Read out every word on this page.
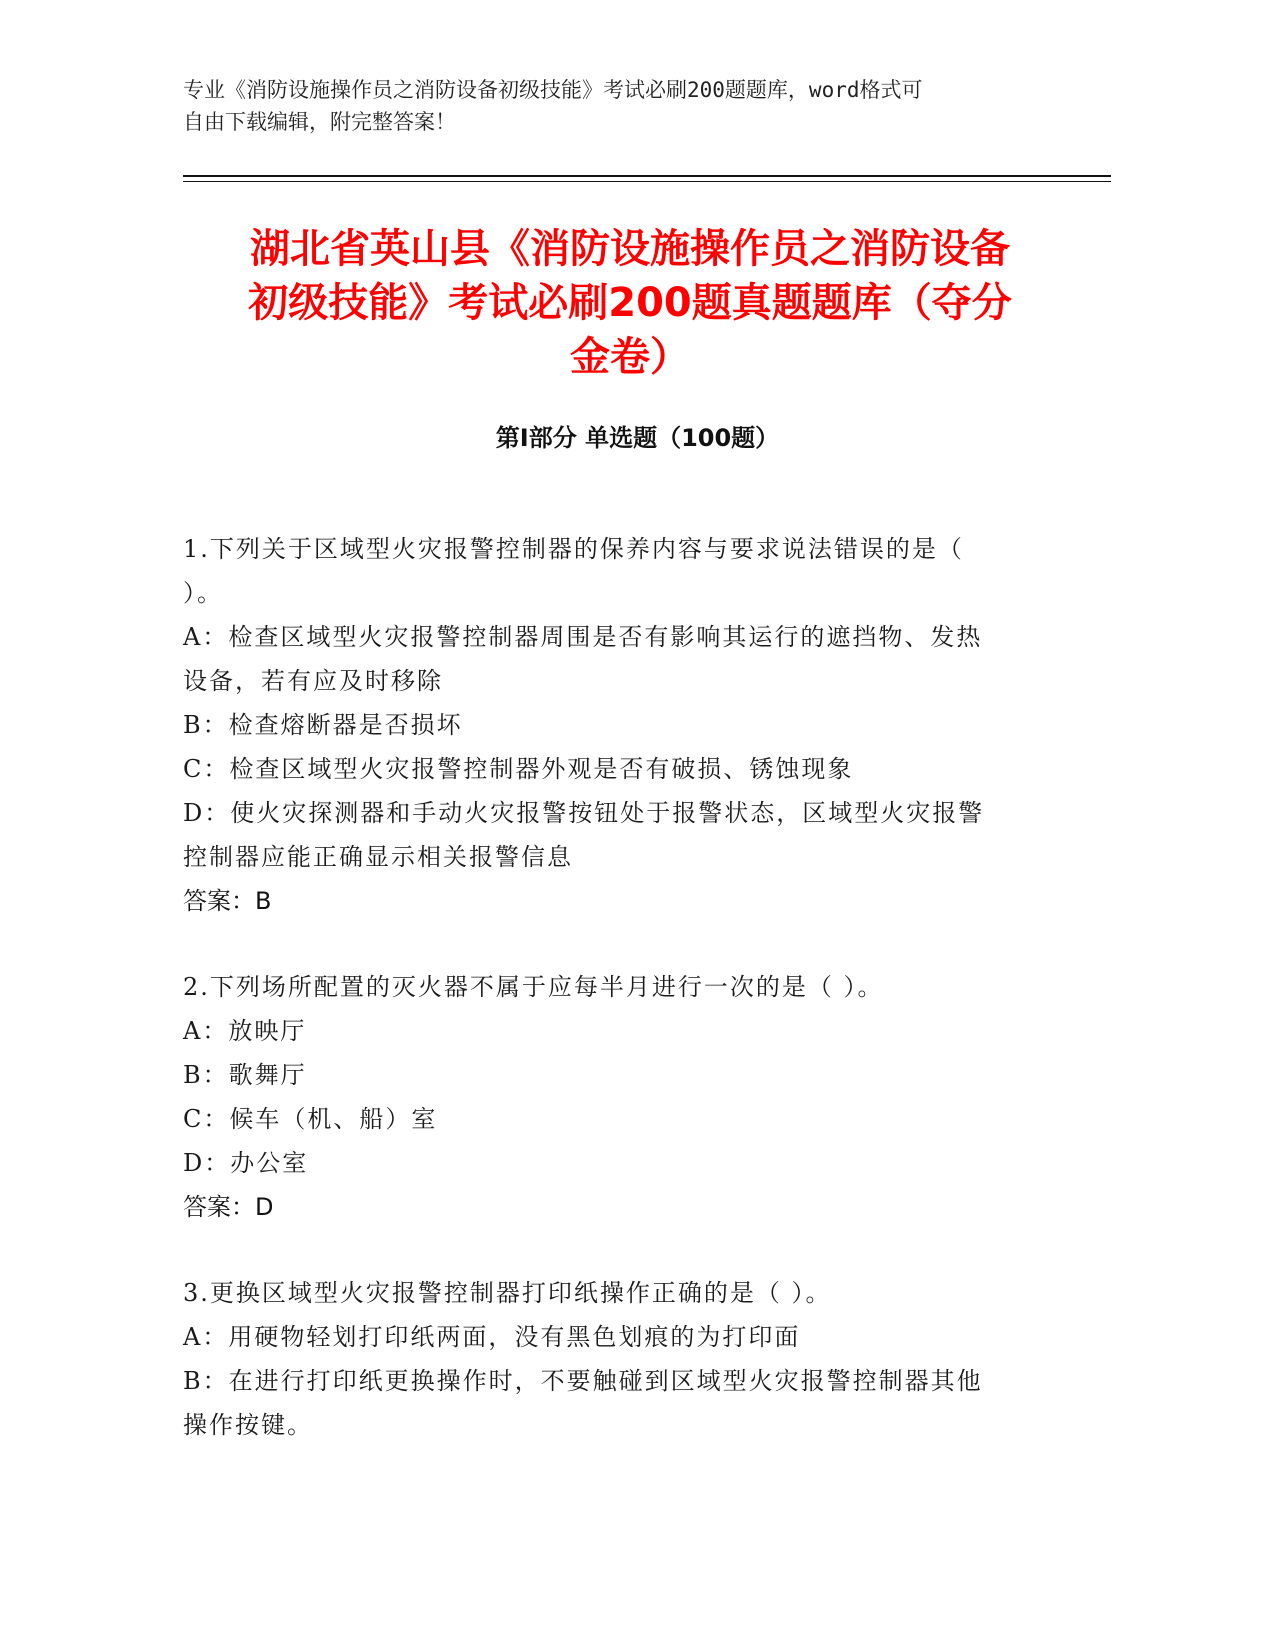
专业《消防设施操作员之消防设备初级技能》考试必刷200题题库，word格式可
自由下载编辑，附完整答案！
湖北省英山县《消防设施操作员之消防设备
初级技能》考试必刷200题真题题库（夺分
金卷）
第Ⅰ部分 单选题（100题）
1.下列关于区域型火灾报警控制器的保养内容与要求说法错误的是（
）。
A：检查区域型火灾报警控制器周围是否有影响其运行的遮挡物、发热
设备，若有应及时移除
B：检查熔断器是否损坏
C：检查区域型火灾报警控制器外观是否有破损、锈蚀现象
D：使火灾探测器和手动火灾报警按钮处于报警状态，区域型火灾报警
控制器应能正确显示相关报警信息
答案：B
2.下列场所配置的灭火器不属于应每半月进行一次的是（ ）。
A：放映厅
B：歌舞厅
C：候车（机、船）室
D：办公室
答案：D
3.更换区域型火灾报警控制器打印纸操作正确的是（ ）。
A：用硬物轻划打印纸两面，没有黑色划痕的为打印面
B：在进行打印纸更换操作时，不要触碰到区域型火灾报警控制器其他
操作按键。
